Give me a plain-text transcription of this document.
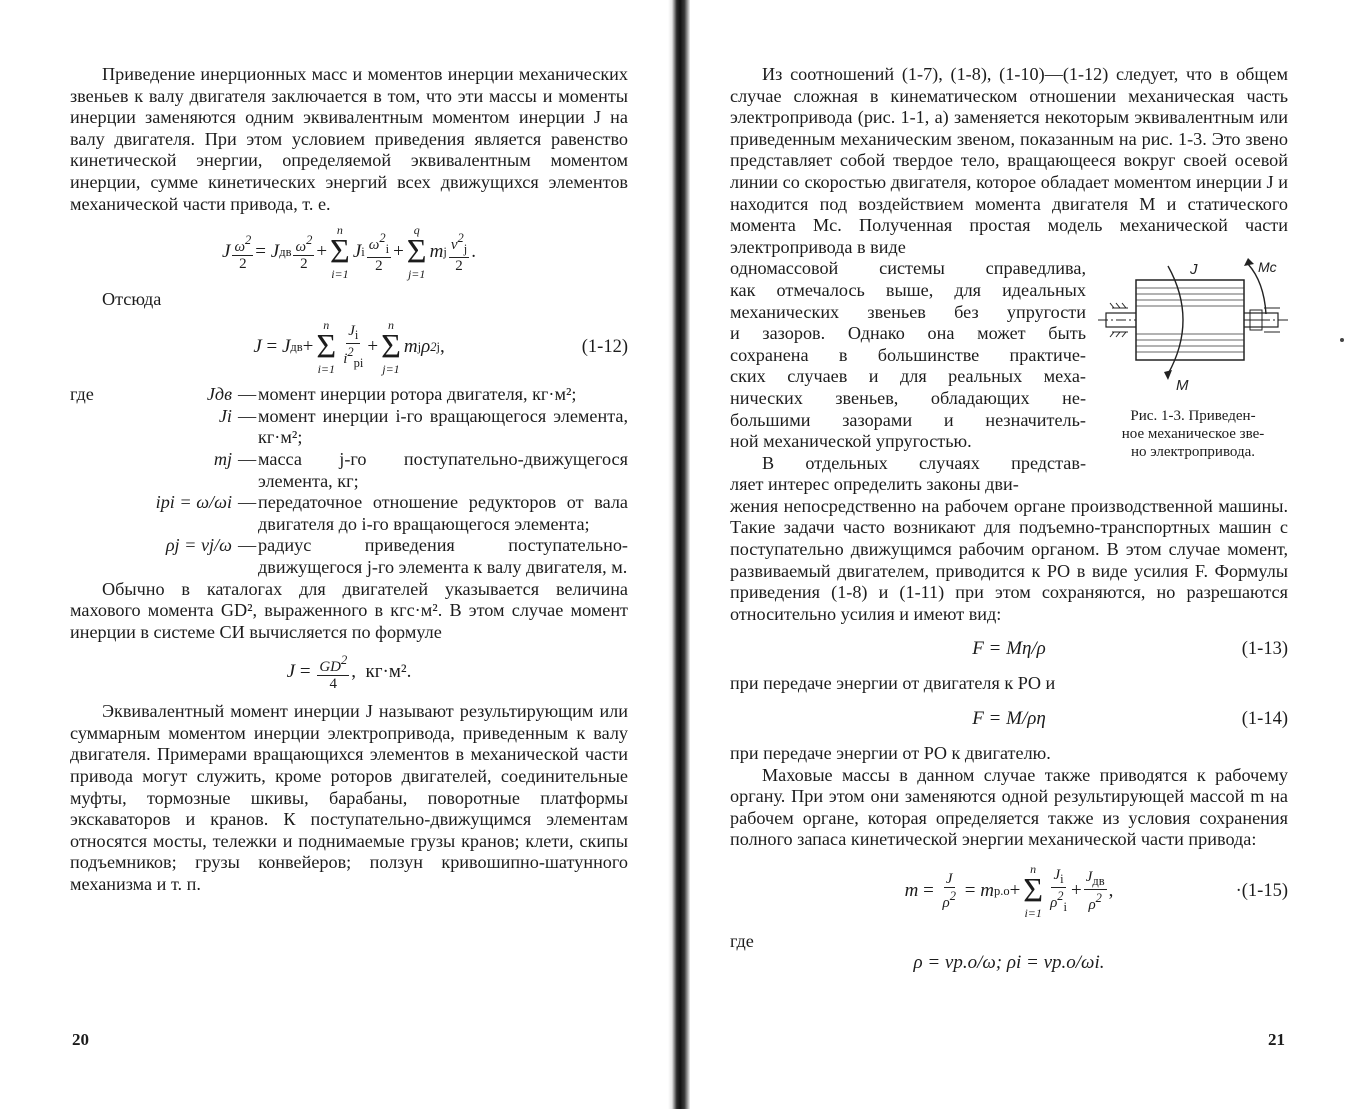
Приведение инерционных масс и моментов инерции механических звеньев к валу двигателя заключается в том, что эти массы и моменты инерции заменяются одним эквивалентным моментом инерции J на валу двигателя. При этом условием приведения является равенство кинетической энергии, определяемой эквивалентным моментом инерции, сумме кинетических энергий всех движущихся элементов механической части привода, т. е.

J $\frac{\omega^2}{2}$ =
J дв $\frac{\omega^2}{2}$ +
n
Σ
i=1
J i $\frac{\omega^2_i}{2}$ +
q
Σ
j=1
m j $\frac{v^2_j}{2}$ .

Отсюда

J = J дв +
n
Σ
$i=1 \frac{J_i}{i^2_{pi}}$ +
n
Σ
j=1
m j ρ 2 j ,	(1-12)
где	Jдв — момент инерции ротора двигателя, кг·м²;
Ji — момент инерции i-го вращающегося элемента, кг·м²;
mj — масса j-го поступательно-движущегося элемента, кг;
ipi = ω/ωi — передаточное отношение редукторов от вала двигателя до i-го вращающегося элемента;
ρj = vj/ω — радиус приведения поступательно-движущегося j-го элемента к валу двигателя, м.

Обычно в каталогах для двигателей указывается величина махового момента GD², выраженного в кгс·м². В этом случае момент инерции в системе СИ вычисляется по формуле

$J = \frac{GD^2}{4}$ , кг·м².

Эквивалентный момент инерции J называют результирующим или суммарным моментом инерции электропривода, приведенным к валу двигателя. Примерами вращающихся элементов в механической части привода могут служить, кроме роторов двигателей, соединительные муфты, тормозные шкивы, барабаны, поворотные платформы экскаваторов и кранов. К поступательно-движущимся элементам относятся мосты, тележки и поднимаемые грузы кранов; клети, скипы подъемников; грузы конвейеров; ползун кривошипно-шатунного механизма и т. п.

20

Из соотношений (1-7), (1-8), (1-10)—(1-12) следует, что в общем случае сложная в кинематическом отношении механическая часть электропривода (рис. 1-1, а) заменяется некоторым эквивалентным или приведенным механическим звеном, показанным на рис. 1-3. Это звено представляет собой твердое тело, вращающееся вокруг своей осевой линии со скоростью двигателя, которое обладает моментом инерции J и находится под воздействием момента двигателя M и статического момента Mc. Полученная простая модель механической части электропривода в виде

одномассовой системы справедлива,
как отмечалось выше, для идеальных
механических звеньев без упругости
и зазоров. Однако она может быть
сохранена в большинстве практиче-
ских случаев и для реальных меха-
нических звеньев, обладающих не-
большими зазорами и незначитель-
ной механической упругостью.
В отдельных случаях представ-
ляет интерес определить законы дви-
J	Mc
M
Рис. 1-3. Приведен-
ное механическое зве-
но электропривода.

жения непосредственно на рабочем органе производственной машины. Такие задачи часто возникают для подъемно-транспортных машин с поступательно движущимся рабочим органом. В этом случае момент, развиваемый двигателем, приводится к PO в виде усилия F. Формулы приведения (1-8) и (1-11) при этом сохраняются, но разрешаются относительно усилия и имеют вид:

F = Mη/ρ	(1-13)

при передаче энергии от двигателя к PO и

F = M/ρη	(1-14)

при передаче энергии от PO к двигателю.

Маховые массы в данном случае также приводятся к рабочему органу. При этом они заменяются одной результирующей массой m на рабочем органе, которая определяется также из условия сохранения полного запаса кинетической энергии механической части привода:

$m = \frac{J}{\rho^2} = m$ p.o +
n
Σ
$i=1 \frac{J_i}{\rho^2_i} + \frac{J_{дв}}{\rho^2}$ ,	·(1-15)

где

ρ = vp.o/ω; ρi = vp.o/ωi.
21
